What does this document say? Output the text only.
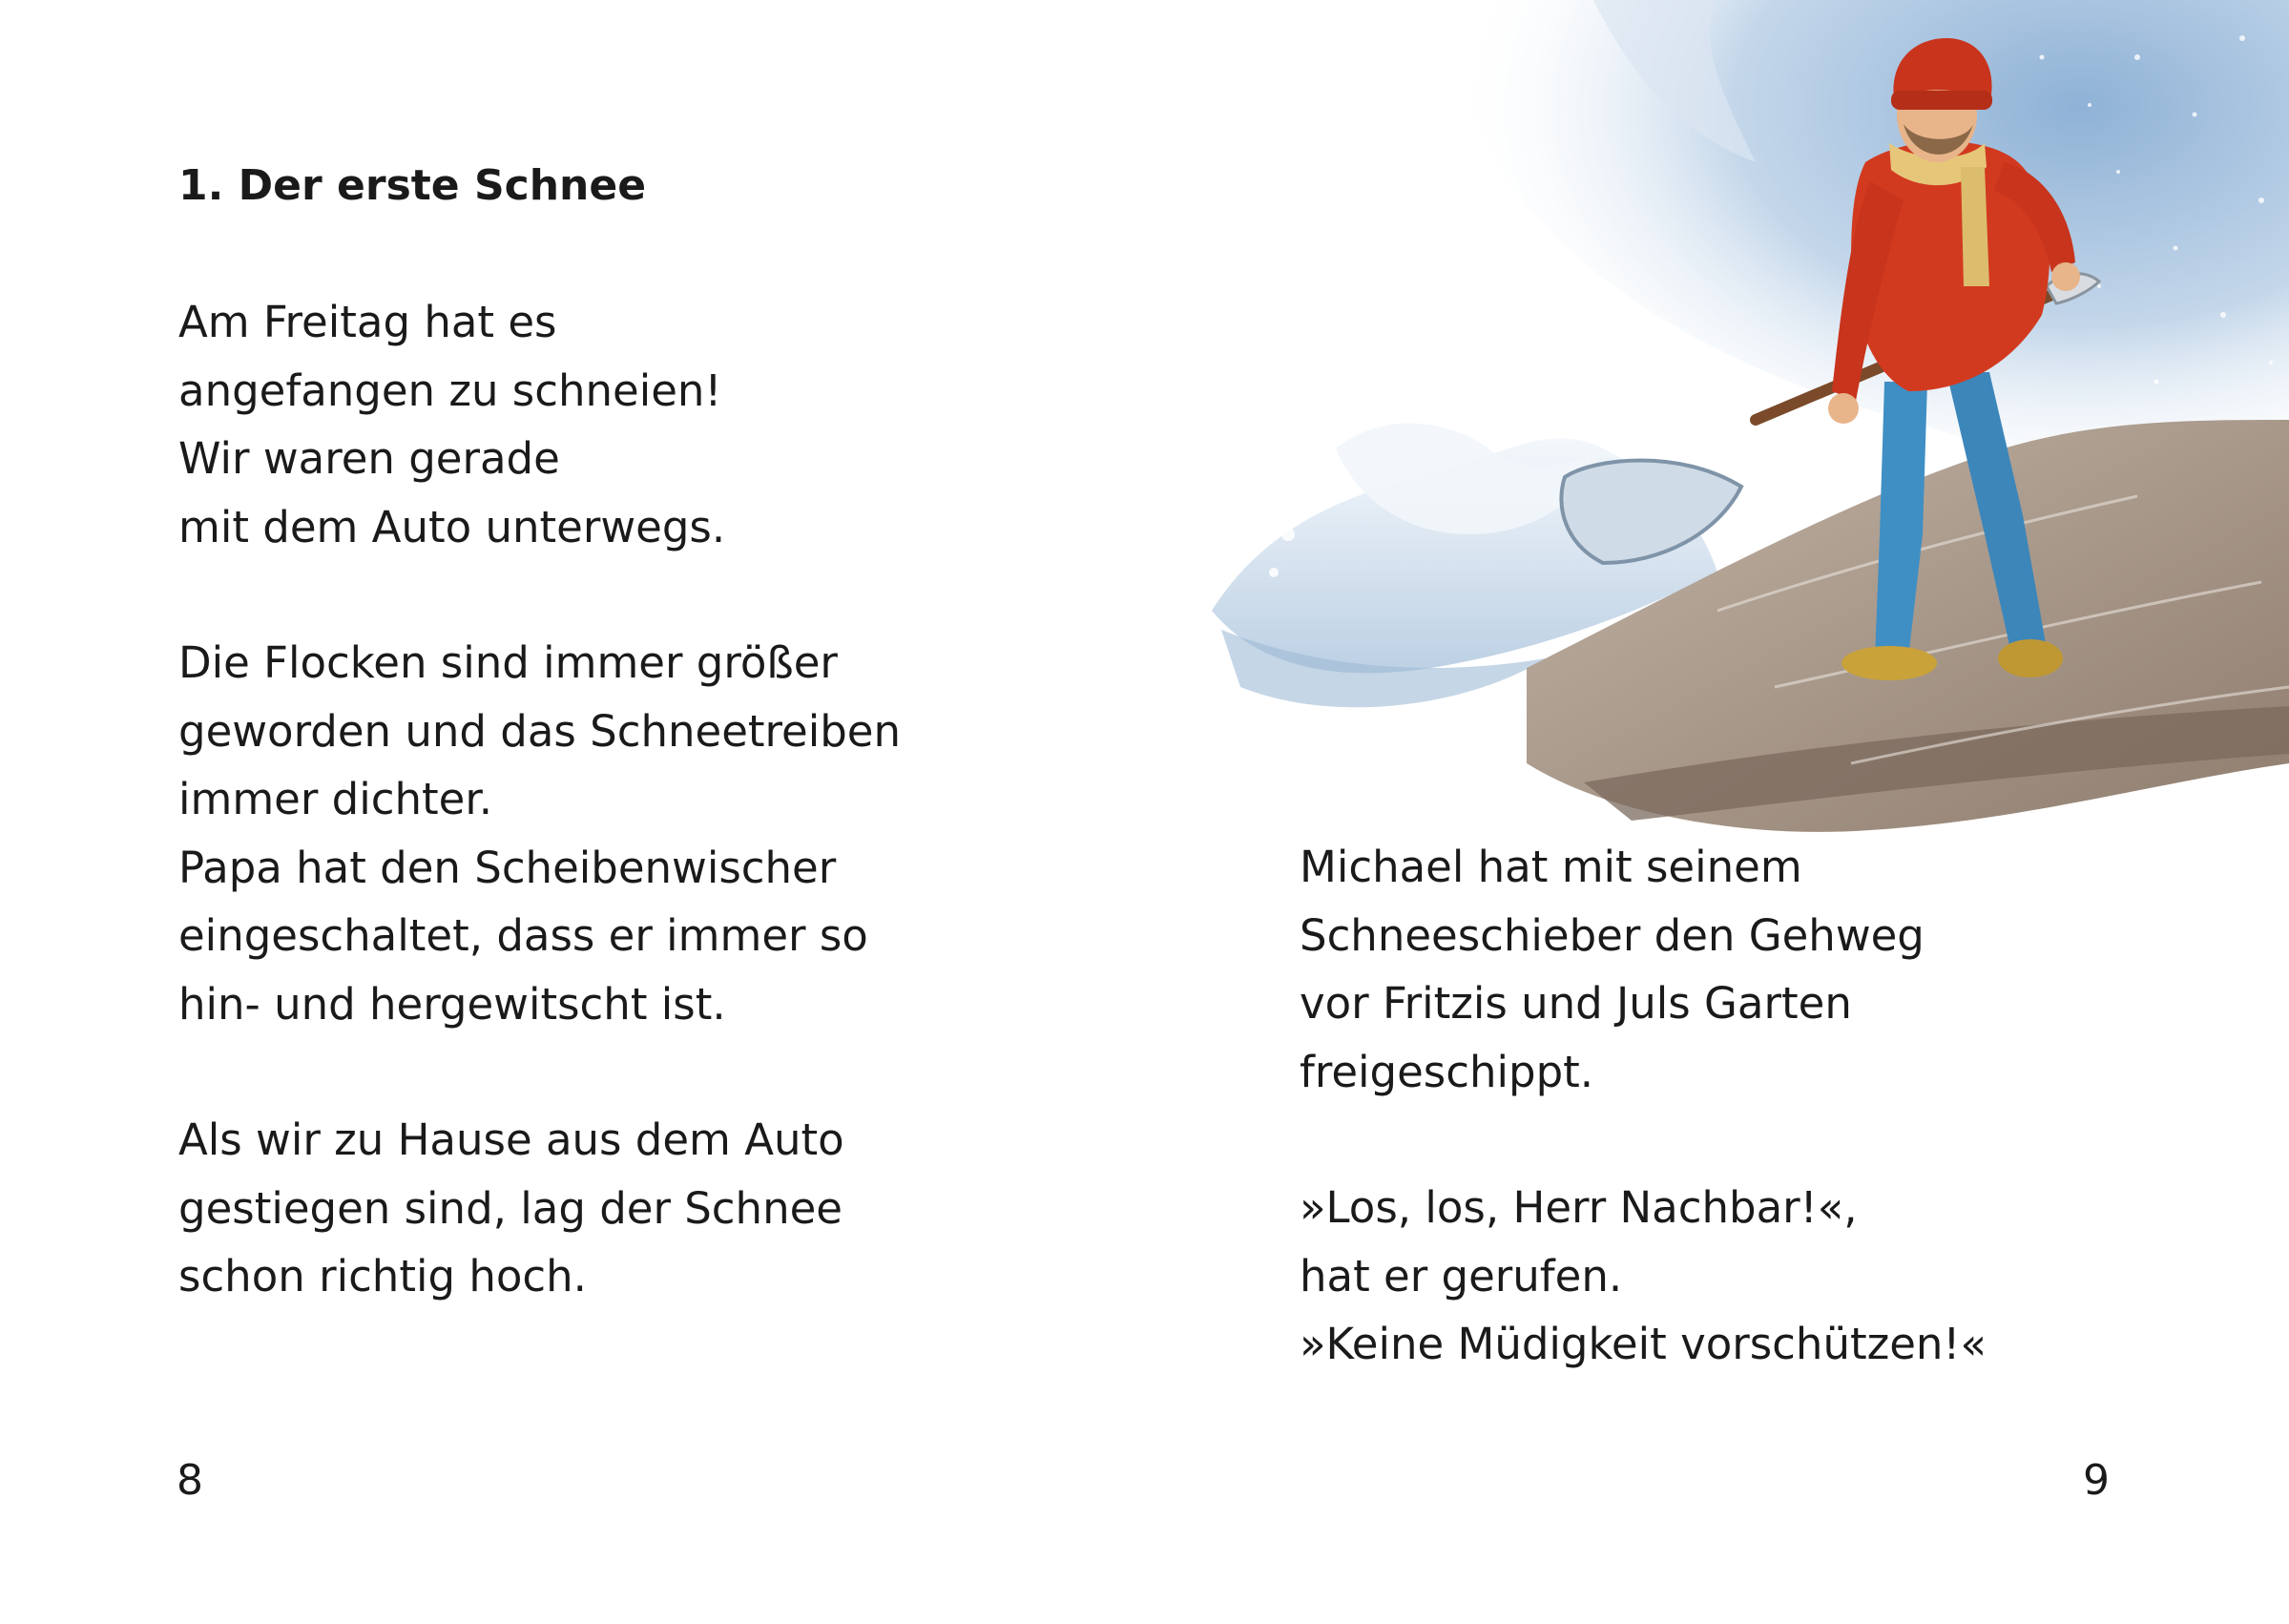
1. Der erste Schnee

Am Freitag hat es
angefangen zu schneien!
Wir waren gerade
mit dem Auto unterwegs.

Die Flocken sind immer größer
geworden und das Schneetreiben
immer dichter.
Papa hat den Scheibenwischer
eingeschaltet, dass er immer so
hin- und hergewitscht ist.

Als wir zu Hause aus dem Auto
gestiegen sind, lag der Schnee
schon richtig hoch.

8

Michael hat mit seinem
Schneeschieber den Gehweg
vor Fritzis und Juls Garten
freigeschippt.

»Los, los, Herr Nachbar!«,
hat er gerufen.
»Keine Müdigkeit vorschützen!«

9
